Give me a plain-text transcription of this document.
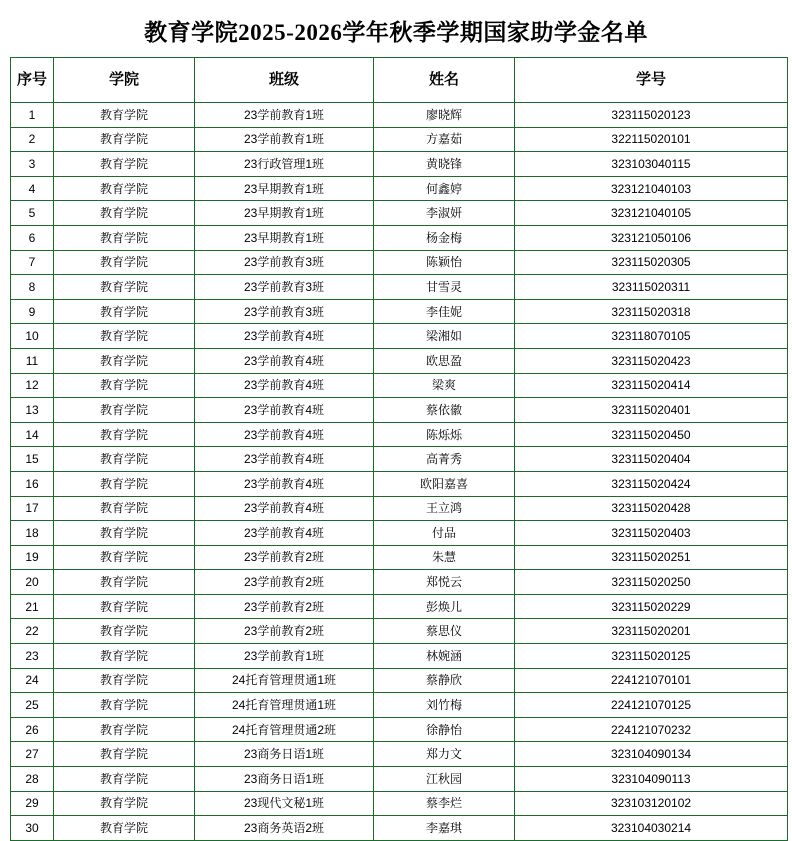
教育学院2025-2026学年秋季学期国家助学金名单
序号	学院	班级	姓名	学号
1	教育学院	23学前教育1班	廖晓辉	323115020123
2	教育学院	23学前教育1班	方嘉茹	322115020101
3	教育学院	23行政管理1班	黄晓锋	323103040115
4	教育学院	23早期教育1班	何鑫婷	323121040103
5	教育学院	23早期教育1班	李淑妍	323121040105
6	教育学院	23早期教育1班	杨金梅	323121050106
7	教育学院	23学前教育3班	陈颖怡	323115020305
8	教育学院	23学前教育3班	甘雪灵	323115020311
9	教育学院	23学前教育3班	李佳妮	323115020318
10	教育学院	23学前教育4班	梁湘如	323118070105
11	教育学院	23学前教育4班	欧思盈	323115020423
12	教育学院	23学前教育4班	梁爽	323115020414
13	教育学院	23学前教育4班	蔡依徽	323115020401
14	教育学院	23学前教育4班	陈烁烁	323115020450
15	教育学院	23学前教育4班	高菁秀	323115020404
16	教育学院	23学前教育4班	欧阳嘉喜	323115020424
17	教育学院	23学前教育4班	王立鸿	323115020428
18	教育学院	23学前教育4班	付品	323115020403
19	教育学院	23学前教育2班	朱慧	323115020251
20	教育学院	23学前教育2班	郑悦云	323115020250
21	教育学院	23学前教育2班	彭焕儿	323115020229
22	教育学院	23学前教育2班	蔡思仪	323115020201
23	教育学院	23学前教育1班	林婉涵	323115020125
24	教育学院	24托育管理贯通1班	蔡静欣	224121070101
25	教育学院	24托育管理贯通1班	刘竹梅	224121070125
26	教育学院	24托育管理贯通2班	徐静怡	224121070232
27	教育学院	23商务日语1班	郑力文	323104090134
28	教育学院	23商务日语1班	江秋园	323104090113
29	教育学院	23现代文秘1班	蔡李烂	323103120102
30	教育学院	23商务英语2班	李嘉琪	323104030214
